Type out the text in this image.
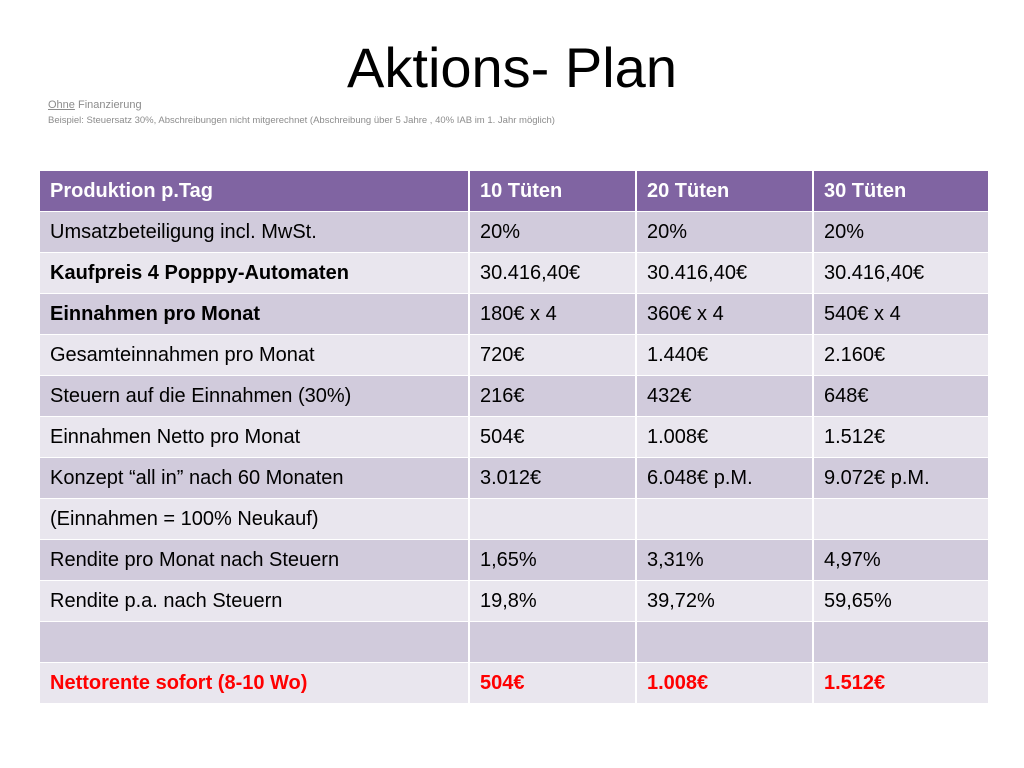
Aktions- Plan
Ohne Finanzierung
Beispiel: Steuersatz 30%, Abschreibungen nicht mitgerechnet (Abschreibung über 5 Jahre , 40% IAB im 1. Jahr möglich)
Produktion p.Tag	10 Tüten	20 Tüten	30 Tüten
Umsatzbeteiligung incl. MwSt.	20%	20%	20%
Kaufpreis 4 Popppy-Automaten	30.416,40€	30.416,40€	30.416,40€
Einnahmen pro Monat	180€ x 4	360€ x 4	540€ x 4
Gesamteinnahmen pro Monat	720€	1.440€	2.160€
Steuern auf die Einnahmen (30%)	216€	432€	648€
Einnahmen Netto pro Monat	504€	1.008€	1.512€
Konzept “all in” nach 60 Monaten	3.012€	6.048€ p.M.	9.072€ p.M.
(Einnahmen = 100% Neukauf)			
Rendite pro Monat nach Steuern	1,65%	3,31%	4,97%
Rendite p.a. nach Steuern	19,8%	39,72%	59,65%

Nettorente sofort (8-10 Wo)	504€	1.008€	1.512€
